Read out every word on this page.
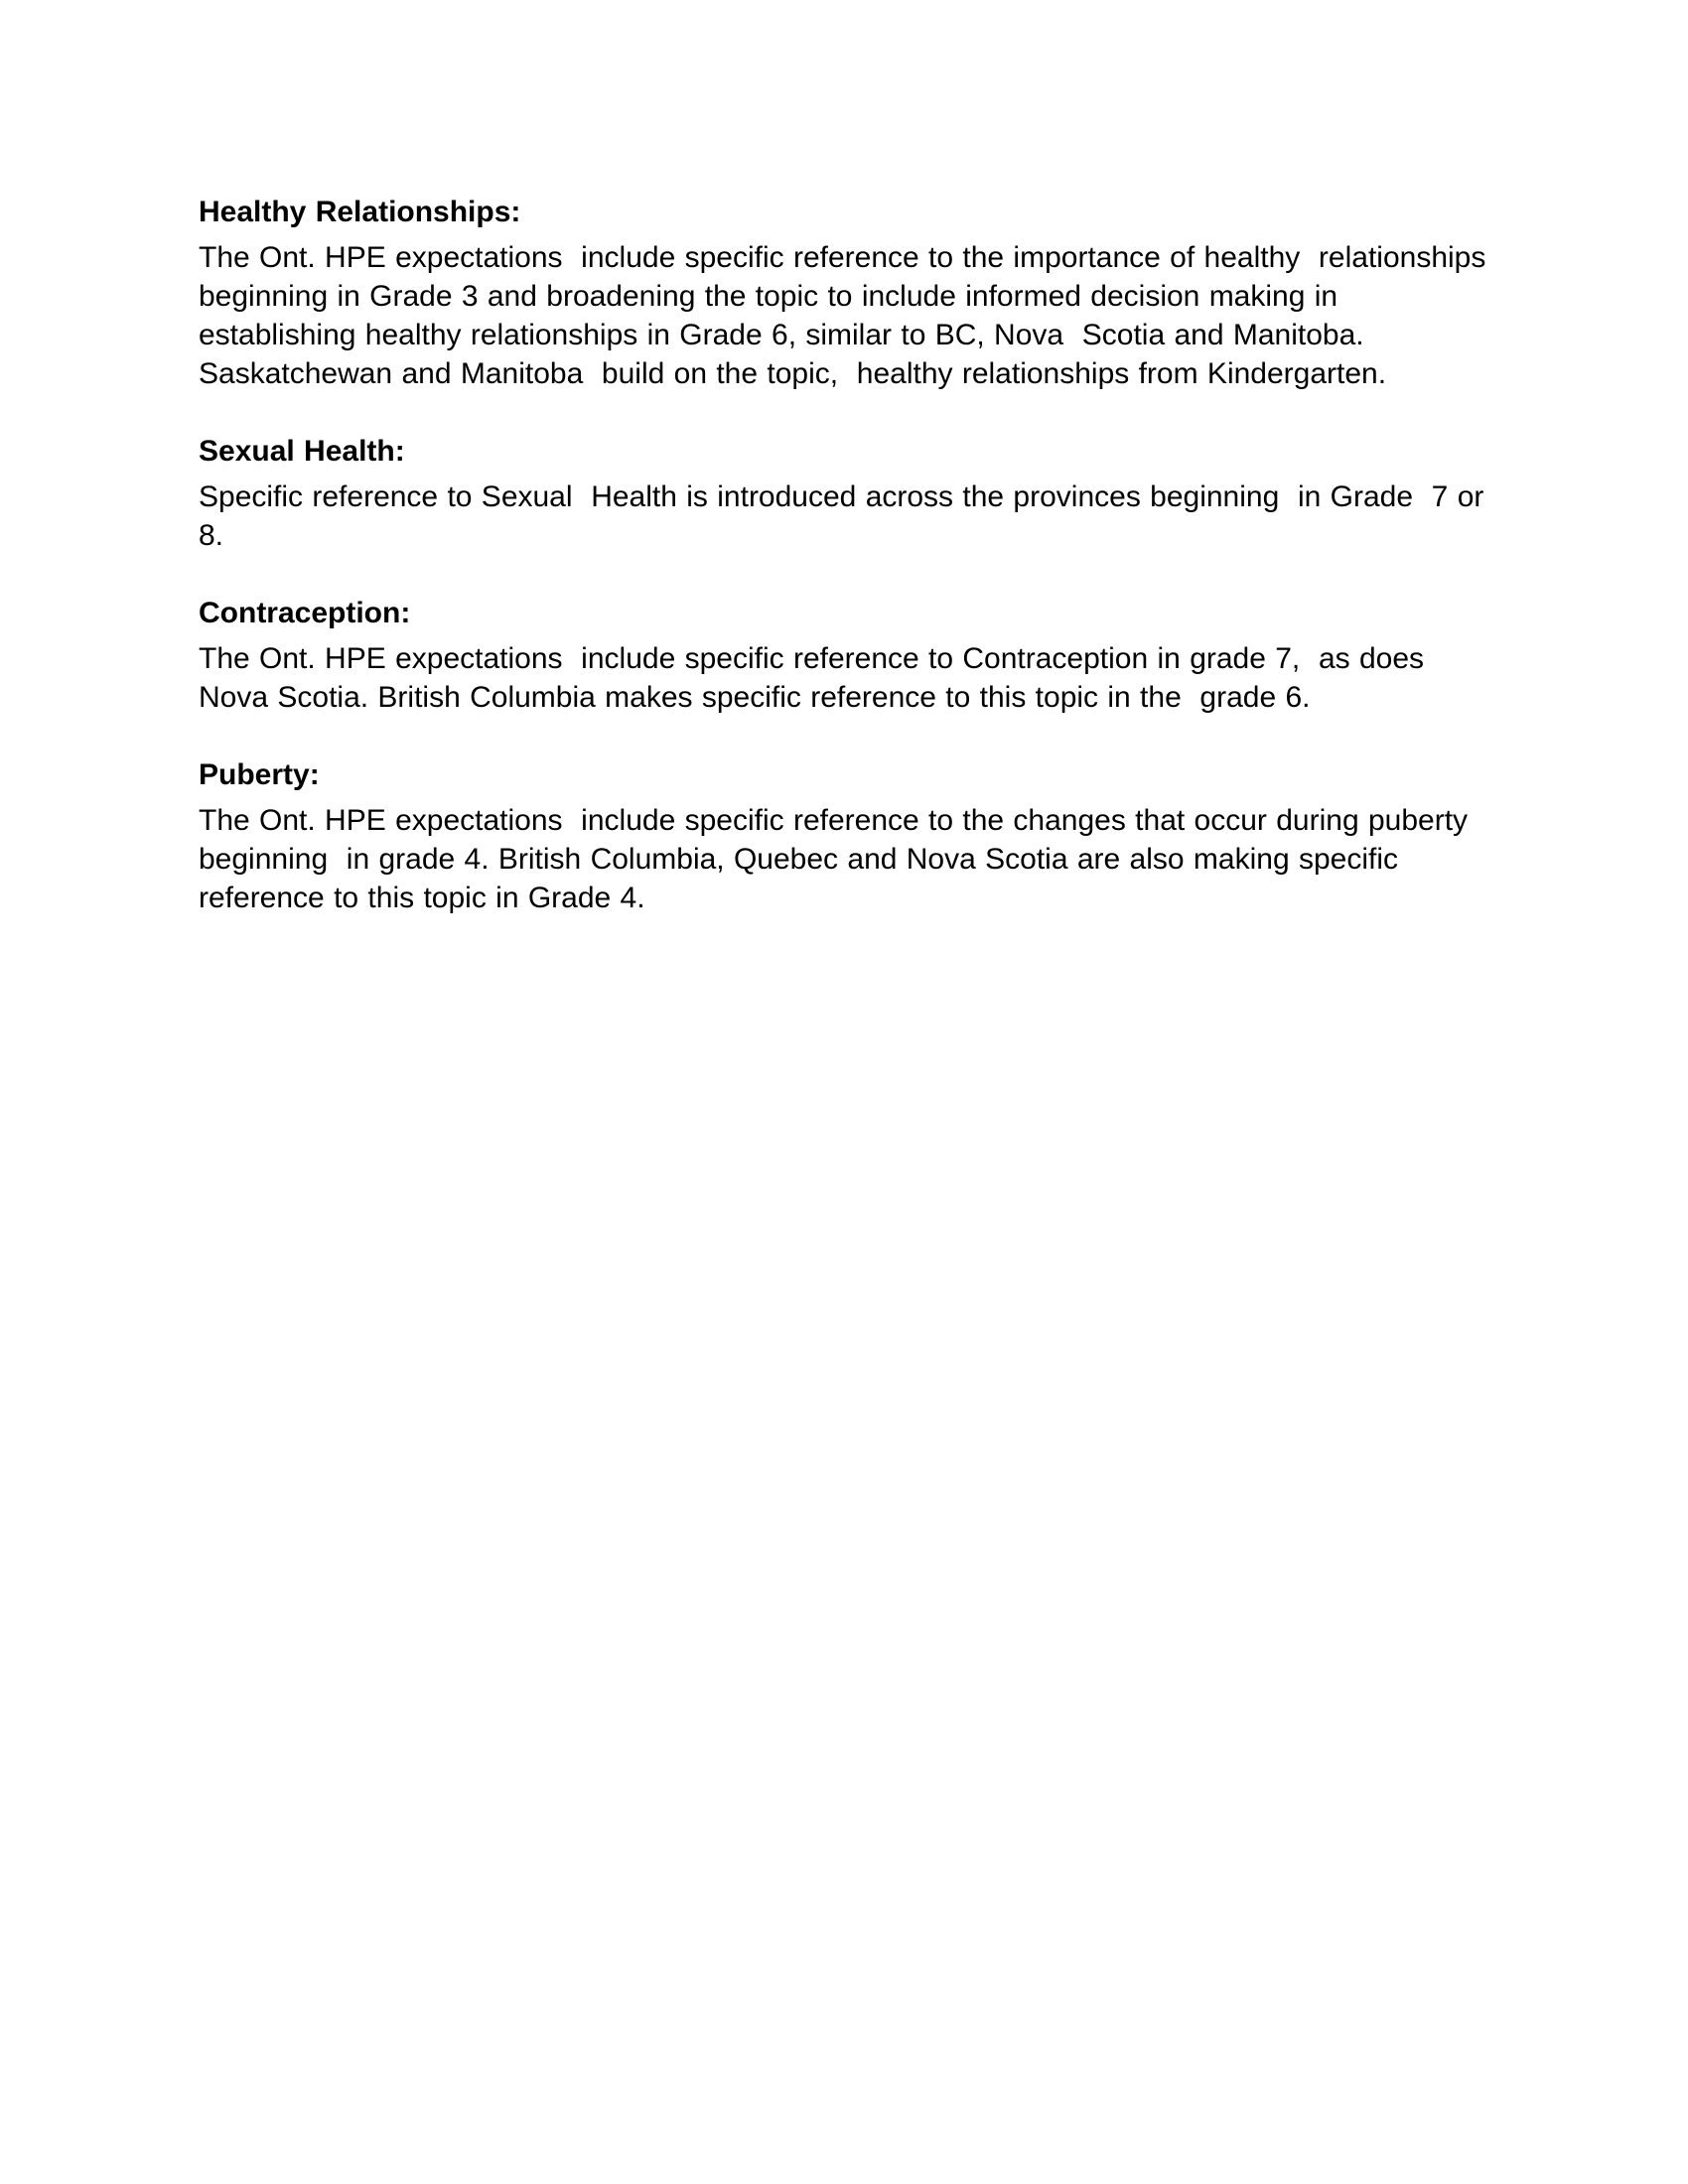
Healthy Relationships:
The Ont. HPE expectations  include specific reference to the importance of healthy  relationships
beginning in Grade 3 and broadening the topic to include informed decision making in
establishing healthy relationships in Grade 6, similar to BC, Nova  Scotia and Manitoba.
Saskatchewan and Manitoba  build on the topic,  healthy relationships from Kindergarten.
Sexual Health:
Specific reference to Sexual  Health is introduced across the provinces beginning  in Grade  7 or
8.
Contraception:
The Ont. HPE expectations  include specific reference to Contraception in grade 7,  as does
Nova Scotia. British Columbia makes specific reference to this topic in the  grade 6.
Puberty:
The Ont. HPE expectations  include specific reference to the changes that occur during puberty
beginning  in grade 4. British Columbia, Quebec and Nova Scotia are also making specific
reference to this topic in Grade 4.
